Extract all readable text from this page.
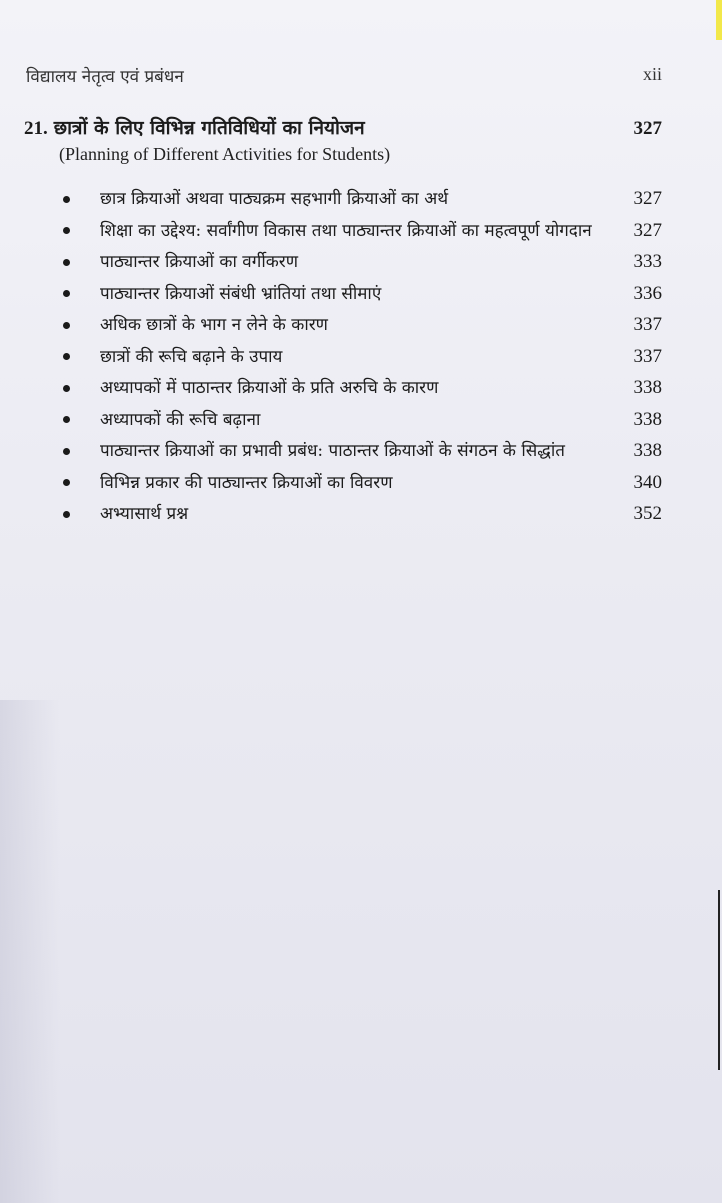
विद्यालय नेतृत्व एवं प्रबंधन	xii
21. छात्रों के लिए विभिन्न गतिविधियों का नियोजन	327
(Planning of Different Activities for Students)
छात्र क्रियाओं अथवा पाठ्यक्रम सहभागी क्रियाओं का अर्थ	327
शिक्षा का उद्देश्य: सर्वांगीण विकास तथा पाठ्यान्तर क्रियाओं का महत्वपूर्ण योगदान	327
पाठ्यान्तर क्रियाओं का वर्गीकरण	333
पाठ्यान्तर क्रियाओं संबंधी भ्रांतियां तथा सीमाएं	336
अधिक छात्रों के भाग न लेने के कारण	337
छात्रों की रूचि बढ़ाने के उपाय	337
अध्यापकों में पाठान्तर क्रियाओं के प्रति अरुचि के कारण	338
अध्यापकों की रूचि बढ़ाना	338
पाठ्यान्तर क्रियाओं का प्रभावी प्रबंध: पाठान्तर क्रियाओं के संगठन के सिद्धांत	338
विभिन्न प्रकार की पाठ्यान्तर क्रियाओं का विवरण	340
अभ्यासार्थ प्रश्न	352
